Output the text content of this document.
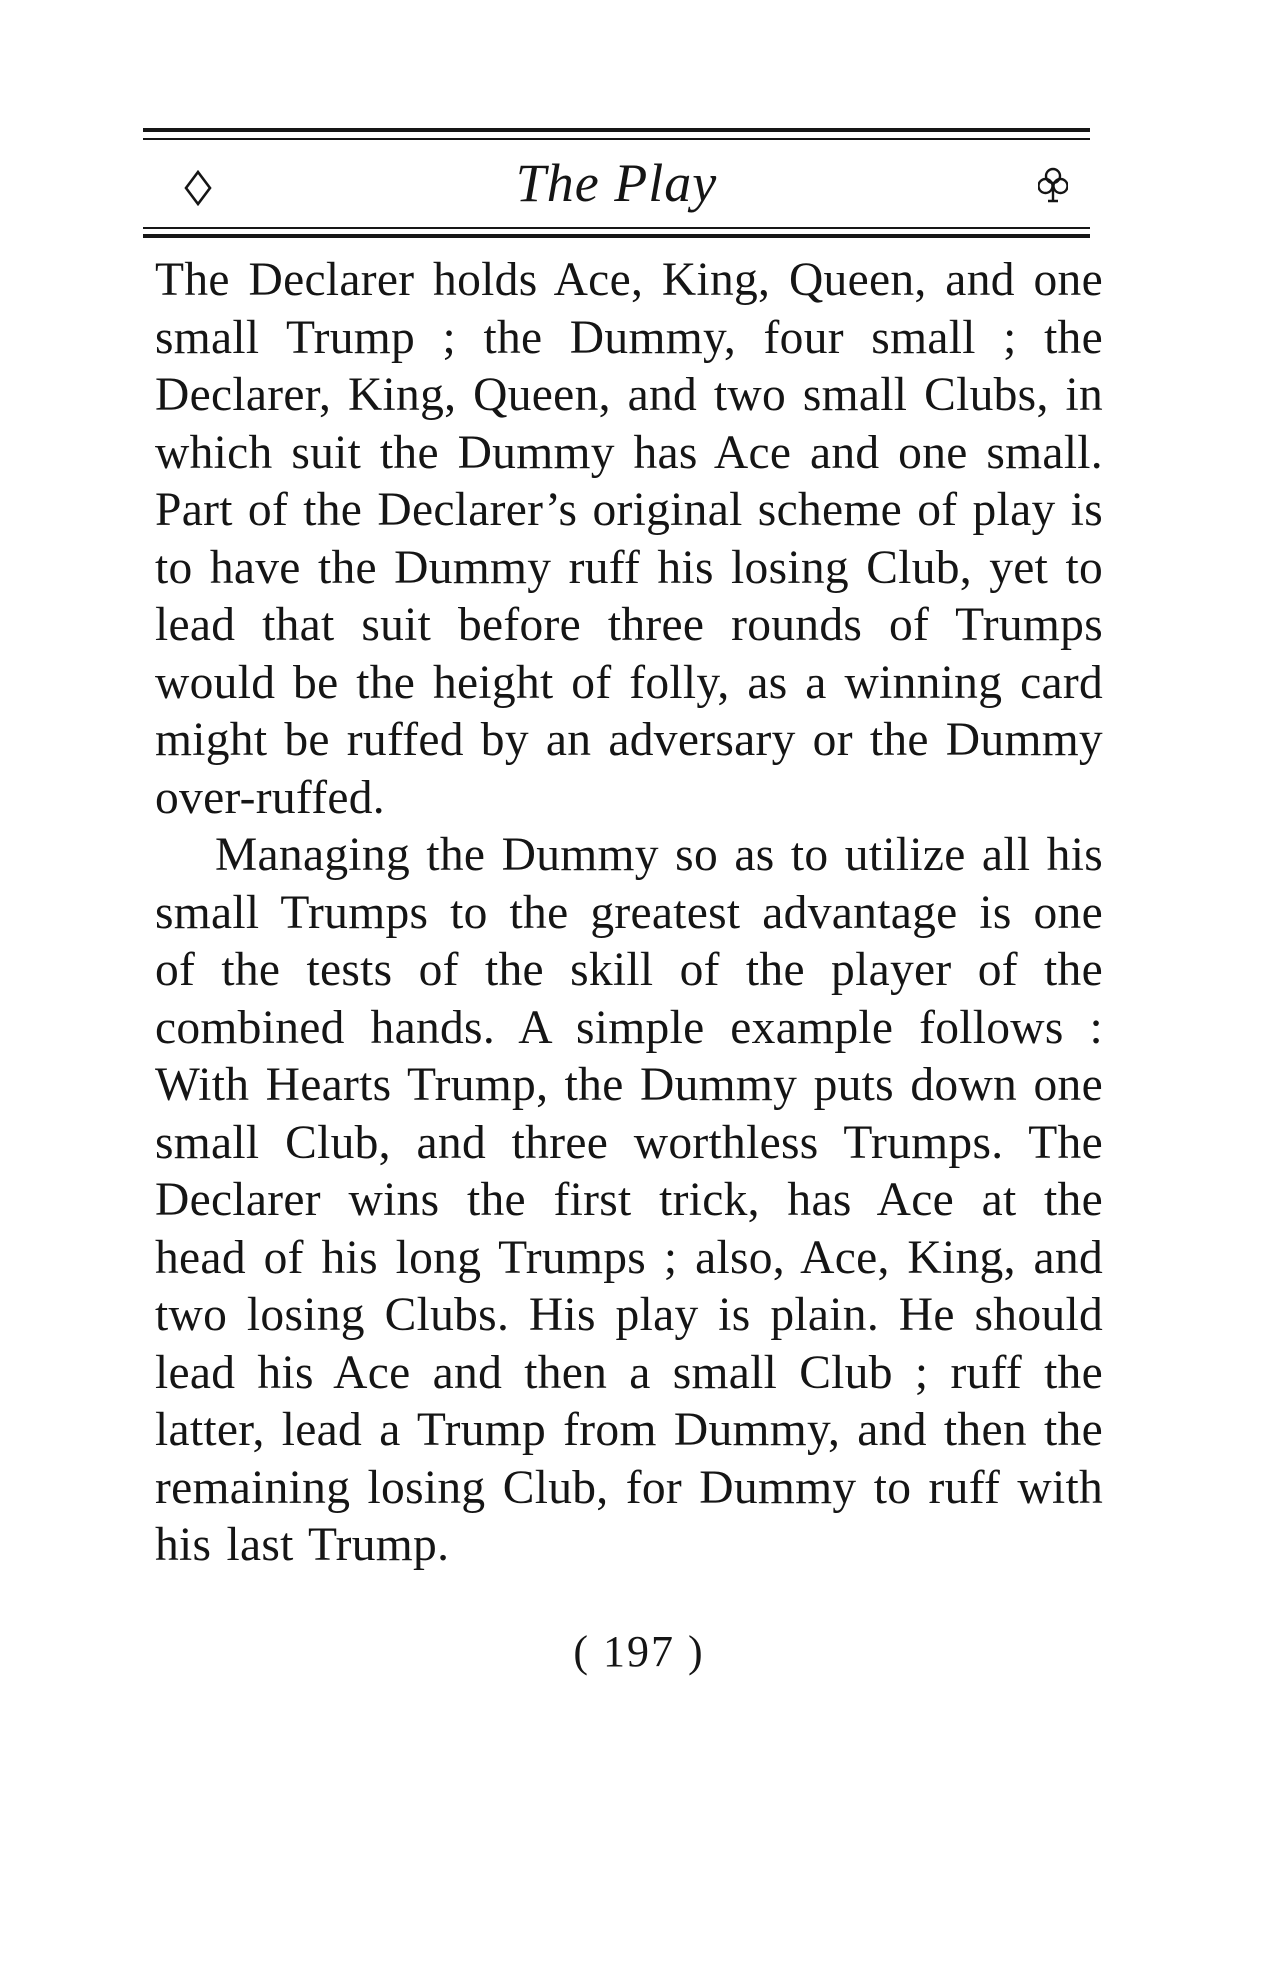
The Play

The Declarer holds Ace, King, Queen, and one small Trump ; the Dummy, four small ; the Declarer, King, Queen, and two small Clubs, in which suit the Dummy has Ace and one small. Part of the Declarer’s original scheme of play is to have the Dummy ruff his losing Club, yet to lead that suit before three rounds of Trumps would be the height of folly, as a winning card might be ruffed by an adversary or the Dummy over-ruffed.

Managing the Dummy so as to utilize all his small Trumps to the greatest advantage is one of the tests of the skill of the player of the combined hands. A simple example follows : With Hearts Trump, the Dummy puts down one small Club, and three worthless Trumps. The Declarer wins the first trick, has Ace at the head of his long Trumps ; also, Ace, King, and two losing Clubs. His play is plain. He should lead his Ace and then a small Club ; ruff the latter, lead a Trump from Dummy, and then the remaining losing Club, for Dummy to ruff with his last Trump.

( 197 )
